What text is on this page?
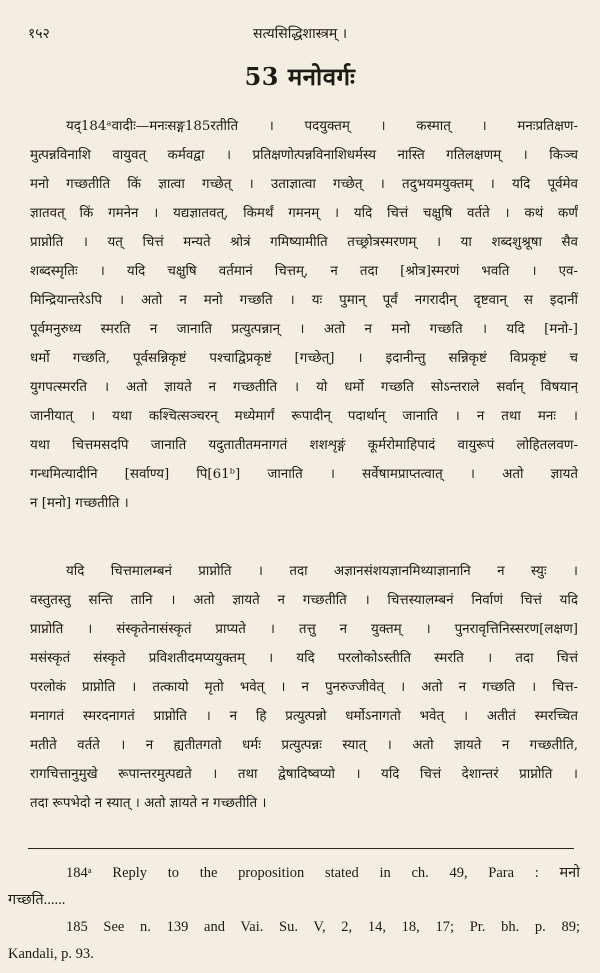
१५२	सत्यसिद्धिशास्त्रम् ।
53 मनोवर्गः
यद्184ᵃवादीः—मनःसङ्ग185रतीति । पदयुक्तम् । कस्मात् । मनःप्रतिक्षण-
मुत्पन्नविनाशि वायुवत् कर्मवद्वा । प्रतिक्षणोत्पन्नविनाशिधर्मस्य नास्ति गतिलक्षणम् । किञ्च
मनो गच्छतीति किं ज्ञात्वा गच्छेत् । उताज्ञात्वा गच्छेत् । तदुभयमयुक्तम् । यदि पूर्वमेव
ज्ञातवत् किं गमनेन । यद्यज्ञातवत्, किमर्थं गमनम् । यदि चित्तं चक्षुषि वर्तते । कथं कर्णं
प्राप्नोति । यत् चित्तं मन्यते श्रोत्रं गमिष्यामीति तच्छ्रोत्रस्मरणम् । या शब्दशुश्रूषा सैव
शब्दस्मृतिः । यदि चक्षुषि वर्तमानं चित्तम्, न तदा [श्रोत्र]स्मरणं भवति । एव-
मिन्द्रियान्तरेऽपि । अतो न मनो गच्छति । यः पुमान् पूर्वं नगरादीन् दृष्टवान् स इदानीं
पूर्वमनुरुध्य स्मरति न जानाति प्रत्युत्पन्नान् । अतो न मनो गच्छति । यदि [मनो-]
धर्मो गच्छति, पूर्वसन्निकृष्टं पश्चाद्विप्रकृष्टं [गच्छेत्] । इदानीन्तु सन्निकृष्टं विप्रकृष्टं च
युगपत्स्मरति । अतो ज्ञायते न गच्छतीति । यो धर्मो गच्छति सोऽन्तराले सर्वान् विषयान्
जानीयात् । यथा कश्चित्सञ्चरन् मध्येमार्गं रूपादीन् पदार्थान् जानाति । न तथा मनः ।
यथा चित्तमसदपि जानाति यदुतातीतमनागतं शशशृङ्गं कूर्मरोमाहिपादं वायुरूपं लोहितलवण-
गन्धमित्यादीनि [सर्वाण्य] पि[61ᵇ] जानाति । सर्वेषामप्राप्तत्वात् । अतो ज्ञायते
न [मनो] गच्छतीति ।
यदि चित्तमालम्बनं प्राप्नोति । तदा अज्ञानसंशयज्ञानमिथ्याज्ञानानि न स्युः ।
वस्तुतस्तु सन्ति तानि । अतो ज्ञायते न गच्छतीति । चित्तस्यालम्बनं निर्वाणं चित्तं यदि
प्राप्नोति । संस्कृतेनासंस्कृतं प्राप्यते । तत्तु न युक्तम् । पुनरावृत्तिनिस्सरण[लक्षण]
मसंस्कृतं संस्कृते प्रविशतीदमप्ययुक्तम् । यदि परलोकोऽस्तीति स्मरति । तदा चित्तं
परलोकं प्राप्नोति । तत्कायो मृतो भवेत् । न पुनरुज्जीवेत् । अतो न गच्छति । चित्त-
मनागतं स्मरदनागतं प्राप्नोति । न हि प्रत्युत्पन्नो धर्मोऽनागतो भवेत् । अतीतं स्मरच्चित
मतीते वर्तते । न ह्यतीतगतो धर्मः प्रत्युत्पन्नः स्यात् । अतो ज्ञायते न गच्छतीति,
रागचित्तानुमुखे रूपान्तरमुत्पद्यते । तथा द्वेषादिष्वप्यो । यदि चित्तं देशान्तरं प्राप्नोति ।
तदा रूपभेदो न स्यात् । अतो ज्ञायते न गच्छतीति ।
184ᵃ Reply to the proposition stated in ch. 49, Para : मनो
गच्छति......
185 See n. 139 and Vai. Su. V, 2, 14, 18, 17; Pr. bh. p. 89;
Kandali, p. 93.
